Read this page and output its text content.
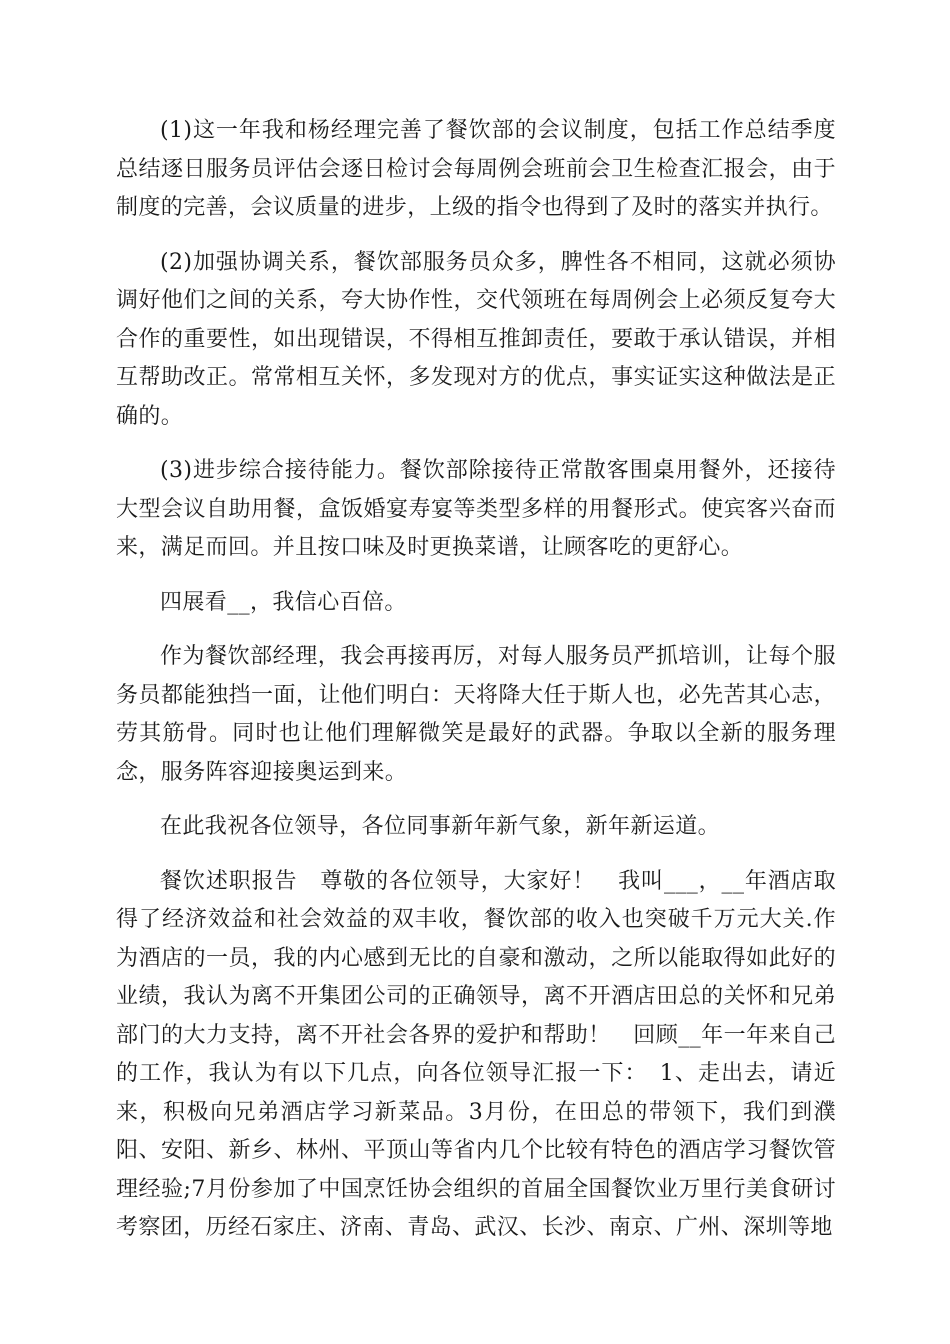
(1)这一年我和杨经理完善了餐饮部的会议制度，包括工作总结季度总结逐日服务员评估会逐日检讨会每周例会班前会卫生检查汇报会，由于制度的完善，会议质量的进步，上级的指令也得到了及时的落实并执行。

(2)加强协调关系，餐饮部服务员众多，脾性各不相同，这就必须协调好他们之间的关系，夸大协作性，交代领班在每周例会上必须反复夸大合作的重要性，如出现错误，不得相互推卸责任，要敢于承认错误，并相互帮助改正。常常相互关怀，多发现对方的优点，事实证实这种做法是正确的。

(3)进步综合接待能力。餐饮部除接待正常散客围桌用餐外，还接待大型会议自助用餐，盒饭婚宴寿宴等类型多样的用餐形式。使宾客兴奋而来，满足而回。并且按口味及时更换菜谱，让顾客吃的更舒心。

四展看__，我信心百倍。

作为餐饮部经理，我会再接再厉，对每人服务员严抓培训，让每个服务员都能独挡一面，让他们明白：天将降大任于斯人也，必先苦其心志，劳其筋骨。同时也让他们理解微笑是最好的武器。争取以全新的服务理念，服务阵容迎接奥运到来。

在此我祝各位领导，各位同事新年新气象，新年新运道。

餐饮述职报告　尊敬的各位领导，大家好！　我叫___，__年酒店取得了经济效益和社会效益的双丰收，餐饮部的收入也突破千万元大关.作为酒店的一员，我的内心感到无比的自豪和激动，之所以能取得如此好的业绩，我认为离不开集团公司的正确领导，离不开酒店田总的关怀和兄弟部门的大力支持，离不开社会各界的爱护和帮助！　回顾__年一年来自己的工作，我认为有以下几点，向各位领导汇报一下：　1、走出去，请近来，积极向兄弟酒店学习新菜品。3月份，在田总的带领下，我们到濮阳、安阳、新乡、林州、平顶山等省内几个比较有特色的酒店学习餐饮管理经验;7月份参加了中国烹饪协会组织的首届全国餐饮业万里行美食研讨考察团，历经石家庄、济南、青岛、武汉、长沙、南京、广州、深圳等地
